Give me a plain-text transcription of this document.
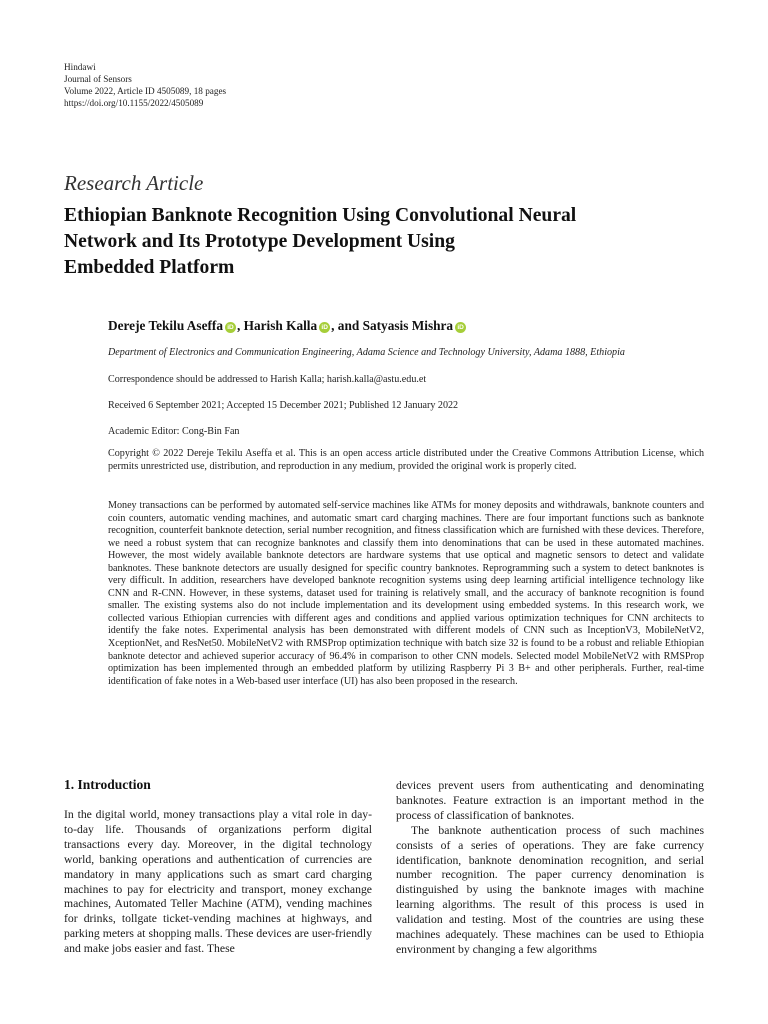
Hindawi
Journal of Sensors
Volume 2022, Article ID 4505089, 18 pages
https://doi.org/10.1155/2022/4505089
Research Article
Ethiopian Banknote Recognition Using Convolutional Neural
Network and Its Prototype Development Using
Embedded Platform
Dereje Tekilu Aseffa iD , Harish Kalla iD , and Satyasis Mishra iD
Department of Electronics and Communication Engineering, Adama Science and Technology University, Adama 1888, Ethiopia
Correspondence should be addressed to Harish Kalla; harish.kalla@astu.edu.et
Received 6 September 2021; Accepted 15 December 2021; Published 12 January 2022
Academic Editor: Cong-Bin Fan
Copyright © 2022 Dereje Tekilu Aseffa et al. This is an open access article distributed under the Creative Commons Attribution License, which permits unrestricted use, distribution, and reproduction in any medium, provided the original work is properly cited.
Money transactions can be performed by automated self-service machines like ATMs for money deposits and withdrawals, banknote counters and coin counters, automatic vending machines, and automatic smart card charging machines. There are four important functions such as banknote recognition, counterfeit banknote detection, serial number recognition, and fitness classification which are furnished with these devices. Therefore, we need a robust system that can recognize banknotes and classify them into denominations that can be used in these automated machines. However, the most widely available banknote detectors are hardware systems that use optical and magnetic sensors to detect and validate banknotes. These banknote detectors are usually designed for specific country banknotes. Reprogramming such a system to detect banknotes is very difficult. In addition, researchers have developed banknote recognition systems using deep learning artificial intelligence technology like CNN and R-CNN. However, in these systems, dataset used for training is relatively small, and the accuracy of banknote recognition is found smaller. The existing systems also do not include implementation and its development using embedded systems. In this research work, we collected various Ethiopian currencies with different ages and conditions and applied various optimization techniques for CNN architects to identify the fake notes. Experimental analysis has been demonstrated with different models of CNN such as InceptionV3, MobileNetV2, XceptionNet, and ResNet50. MobileNetV2 with RMSProp optimization technique with batch size 32 is found to be a robust and reliable Ethiopian banknote detector and achieved superior accuracy of 96.4% in comparison to other CNN models. Selected model MobileNetV2 with RMSProp optimization has been implemented through an embedded platform by utilizing Raspberry Pi 3 B+ and other peripherals. Further, real-time identification of fake notes in a Web-based user interface (UI) has also been proposed in the research.
1. Introduction

In the digital world, money transactions play a vital role in day-to-day life. Thousands of organizations perform digital transactions every day. Moreover, in the digital technology world, banking operations and authentication of currencies are mandatory in many applications such as smart card charging machines to pay for electricity and transport, money exchange machines, Automated Teller Machine (ATM), vending machines for drinks, tollgate ticket-vending machines at highways, and parking meters at shopping malls. These devices are user-friendly and make jobs easier and fast. These

devices prevent users from authenticating and denominating banknotes. Feature extraction is an important method in the process of classification of banknotes.

The banknote authentication process of such machines consists of a series of operations. They are fake currency identification, banknote denomination recognition, and serial number recognition. The paper currency denomination is distinguished by using the banknote images with machine learning algorithms. The result of this process is used in validation and testing. Most of the countries are using these machines adequately. These machines can be used to Ethiopia environment by changing a few algorithms
